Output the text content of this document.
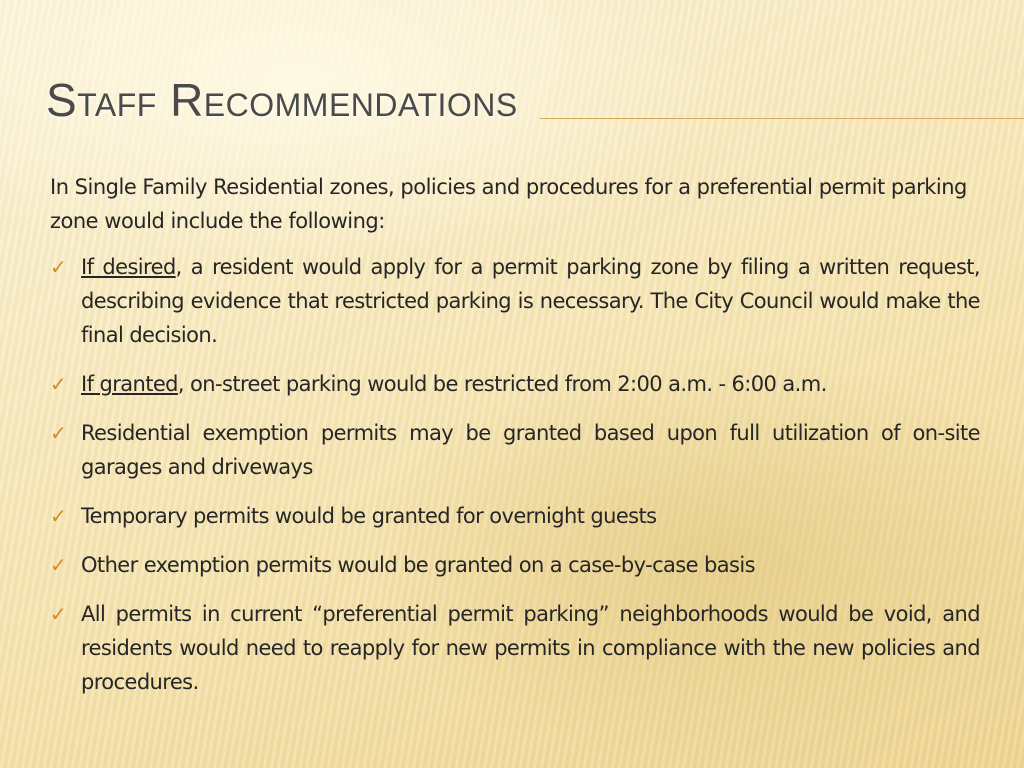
Staff Recommendations

In Single Family Residential zones, policies and procedures for a preferential permit parking zone would include the following:

✓ If desired, a resident would apply for a permit parking zone by filing a written request, describing evidence that restricted parking is necessary. The City Council would make the final decision.
✓ If granted, on-street parking would be restricted from 2:00 a.m. - 6:00 a.m.
✓ Residential exemption permits may be granted based upon full utilization of on-site garages and driveways
✓ Temporary permits would be granted for overnight guests
✓ Other exemption permits would be granted on a case-by-case basis
✓ All permits in current “preferential permit parking” neighborhoods would be void, and residents would need to reapply for new permits in compliance with the new policies and procedures.
